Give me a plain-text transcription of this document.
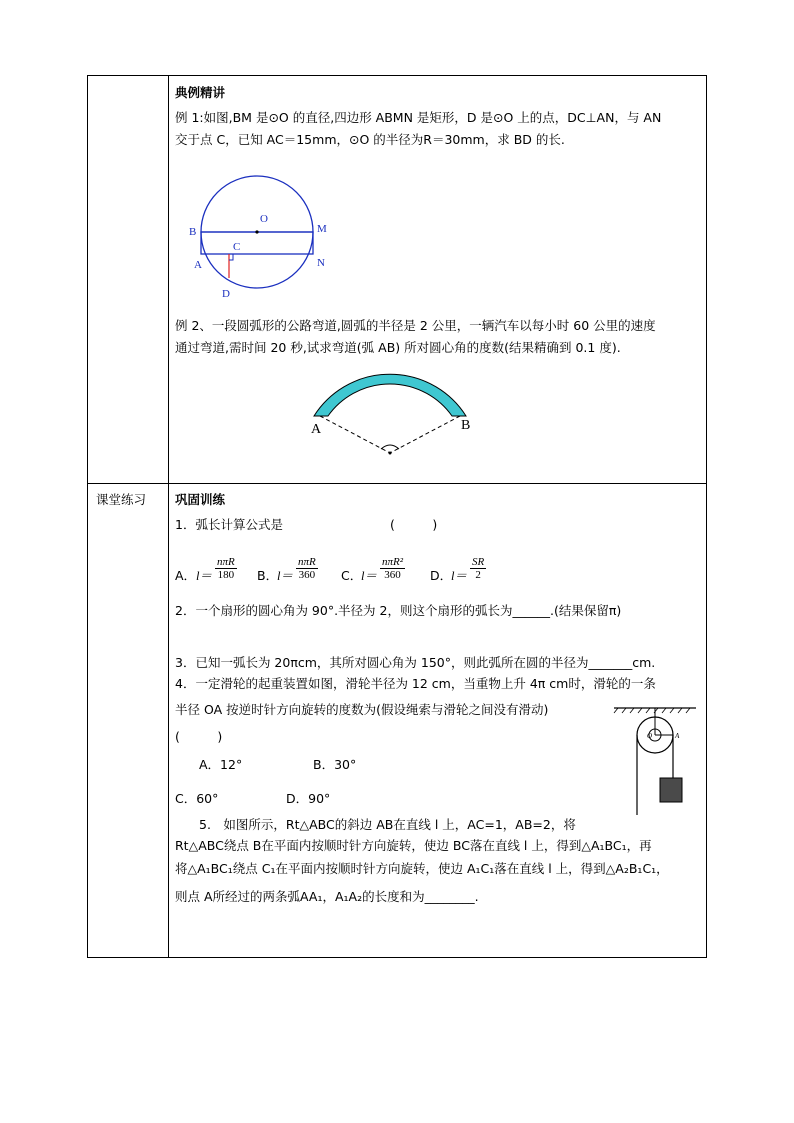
典例精讲
例 1:如图,BM 是⊙O 的直径,四边形 ABMN 是矩形，D 是⊙O 上的点，DC⊥AN，与 AN
交于点 C，已知 AC＝15mm，⊙O 的半径为R＝30mm，求 BD 的长.
O
B	M
C
A	N
D
例 2、一段圆弧形的公路弯道,圆弧的半径是 2 公里，一辆汽车以每小时 60 公里的速度
通过弯道,需时间 20 秒,试求弯道(弧 AB) 所对圆心角的度数(结果精确到 0.1 度).
A	B
课堂练习 巩固训练
1．弧长计算公式是	(　　　)
A． l＝
nπR
180 B．
l＝
nπR
360 C．
l＝
nπR²
360	D．
$l= \frac{SR}{2}$
2．一个扇形的圆心角为 90°.半径为 2，则这个扇形的弧长为______.(结果保留π)
3．已知一弧长为 20πcm，其所对圆心角为 150°，则此弧所在圆的半径为_______cm.
4．一定滑轮的起重装置如图，滑轮半径为 12 cm，当重物上升 4π cm时，滑轮的一条
半径 OA 按逆时针方向旋转的度数为(假设绳索与滑轮之间没有滑动)
(　　　)
A．12°	B．30°
C．60°	D．90°
O	A
5.　如图所示，Rt△ABC的斜边 AB在直线 l 上，AC=1，AB=2，将
Rt△ABC绕点 B在平面内按顺时针方向旋转，使边 BC落在直线 l 上，得到△A₁BC₁，再
将△A₁BC₁绕点 C₁在平面内按顺时针方向旋转，使边 A₁C₁落在直线 l 上，得到△A₂B₁C₁，
则点 A所经过的两条弧AA₁，A₁A₂的长度和为________.
